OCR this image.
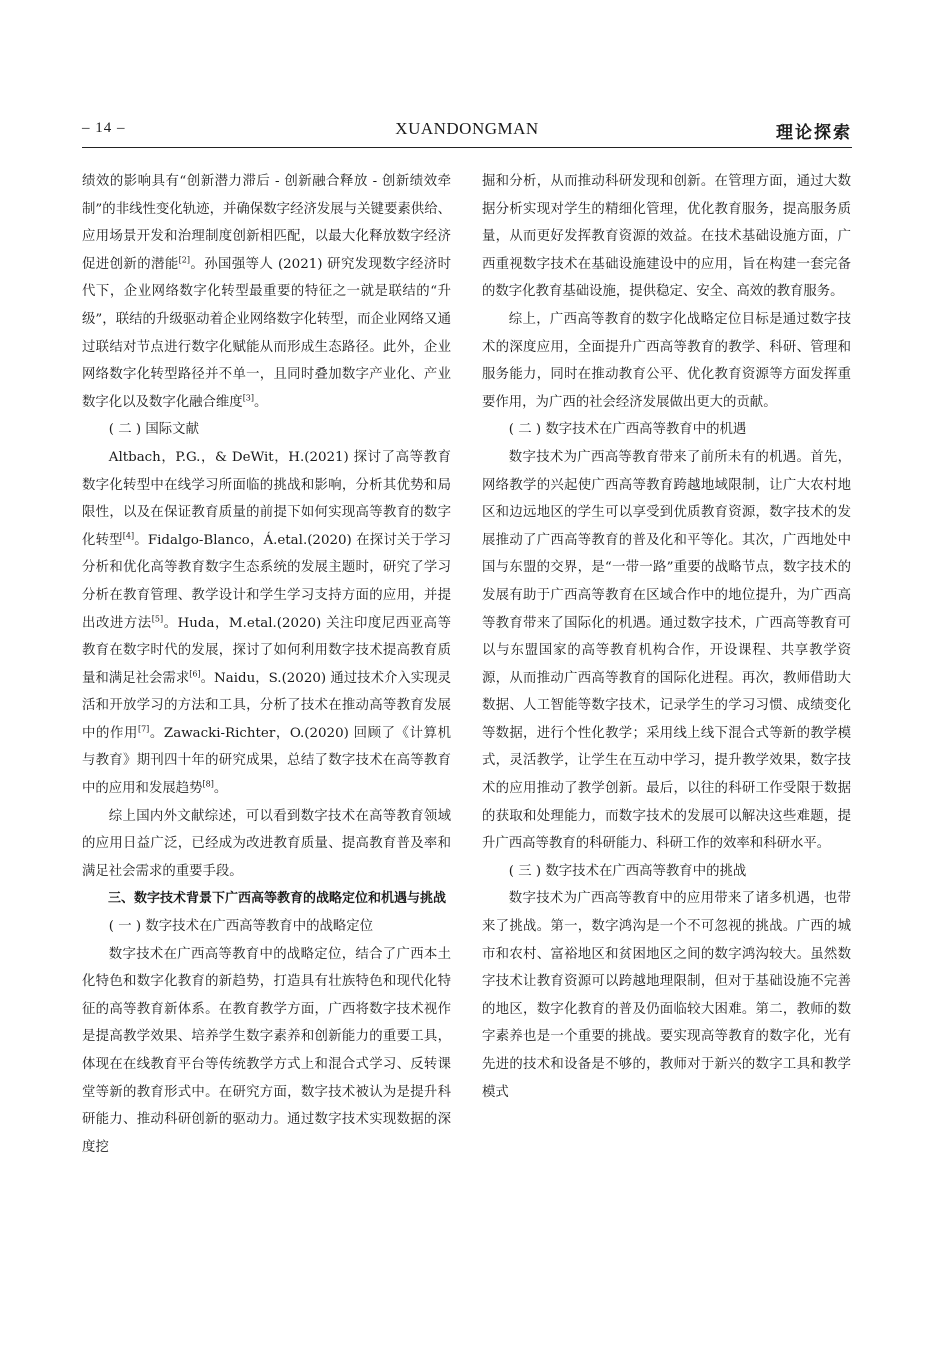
– 14 –	XUANDONGMAN	理论探索

绩效的影响具有“创新潜力滞后 - 创新融合释放 - 创新绩效牵制”的非线性变化轨迹，并确保数字经济发展与关键要素供给、应用场景开发和治理制度创新相匹配，以最大化释放数字经济促进创新的潜能[2]。孙国强等人 (2021) 研究发现数字经济时代下，企业网络数字化转型最重要的特征之一就是联结的“升级”，联结的升级驱动着企业网络数字化转型，而企业网络又通过联结对节点进行数字化赋能从而形成生态路径。此外，企业网络数字化转型路径并不单一，且同时叠加数字产业化、产业数字化以及数字化融合维度[3]。

( 二 ) 国际文献

Altbach，P.G.，& DeWit，H.(2021) 探讨了高等教育数字化转型中在线学习所面临的挑战和影响，分析其优势和局限性，以及在保证教育质量的前提下如何实现高等教育的数字化转型[4]。Fidalgo-Blanco，Á.etal.(2020) 在探讨关于学习分析和优化高等教育数字生态系统的发展主题时，研究了学习分析在教育管理、教学设计和学生学习支持方面的应用，并提出改进方法[5]。Huda，M.etal.(2020) 关注印度尼西亚高等教育在数字时代的发展，探讨了如何利用数字技术提高教育质量和满足社会需求[6]。Naidu，S.(2020) 通过技术介入实现灵活和开放学习的方法和工具，分析了技术在推动高等教育发展中的作用[7]。Zawacki-Richter，O.(2020) 回顾了《计算机与教育》期刊四十年的研究成果，总结了数字技术在高等教育中的应用和发展趋势[8]。

综上国内外文献综述，可以看到数字技术在高等教育领域的应用日益广泛，已经成为改进教育质量、提高教育普及率和满足社会需求的重要手段。

三、数字技术背景下广西高等教育的战略定位和机遇与挑战

( 一 ) 数字技术在广西高等教育中的战略定位

数字技术在广西高等教育中的战略定位，结合了广西本土化特色和数字化教育的新趋势，打造具有壮族特色和现代化特征的高等教育新体系。在教育教学方面，广西将数字技术视作是提高教学效果、培养学生数字素养和创新能力的重要工具，体现在在线教育平台等传统教学方式上和混合式学习、反转课堂等新的教育形式中。在研究方面，数字技术被认为是提升科研能力、推动科研创新的驱动力。通过数字技术实现数据的深度挖

掘和分析，从而推动科研发现和创新。在管理方面，通过大数据分析实现对学生的精细化管理，优化教育服务，提高服务质量，从而更好发挥教育资源的效益。在技术基础设施方面，广西重视数字技术在基础设施建设中的应用，旨在构建一套完备的数字化教育基础设施，提供稳定、安全、高效的教育服务。

综上，广西高等教育的数字化战略定位目标是通过数字技术的深度应用，全面提升广西高等教育的教学、科研、管理和服务能力，同时在推动教育公平、优化教育资源等方面发挥重要作用，为广西的社会经济发展做出更大的贡献。

( 二 ) 数字技术在广西高等教育中的机遇

数字技术为广西高等教育带来了前所未有的机遇。首先，网络教学的兴起使广西高等教育跨越地域限制，让广大农村地区和边远地区的学生可以享受到优质教育资源，数字技术的发展推动了广西高等教育的普及化和平等化。其次，广西地处中国与东盟的交界，是“一带一路”重要的战略节点，数字技术的发展有助于广西高等教育在区域合作中的地位提升，为广西高等教育带来了国际化的机遇。通过数字技术，广西高等教育可以与东盟国家的高等教育机构合作，开设课程、共享教学资源，从而推动广西高等教育的国际化进程。再次，教师借助大数据、人工智能等数字技术，记录学生的学习习惯、成绩变化等数据，进行个性化教学；采用线上线下混合式等新的教学模式，灵活教学，让学生在互动中学习，提升教学效果，数字技术的应用推动了教学创新。最后，以往的科研工作受限于数据的获取和处理能力，而数字技术的发展可以解决这些难题，提升广西高等教育的科研能力、科研工作的效率和科研水平。

( 三 ) 数字技术在广西高等教育中的挑战

数字技术为广西高等教育中的应用带来了诸多机遇，也带来了挑战。第一，数字鸿沟是一个不可忽视的挑战。广西的城市和农村、富裕地区和贫困地区之间的数字鸿沟较大。虽然数字技术让教育资源可以跨越地理限制，但对于基础设施不完善的地区，数字化教育的普及仍面临较大困难。第二，教师的数字素养也是一个重要的挑战。要实现高等教育的数字化，光有先进的技术和设备是不够的，教师对于新兴的数字工具和教学模式
